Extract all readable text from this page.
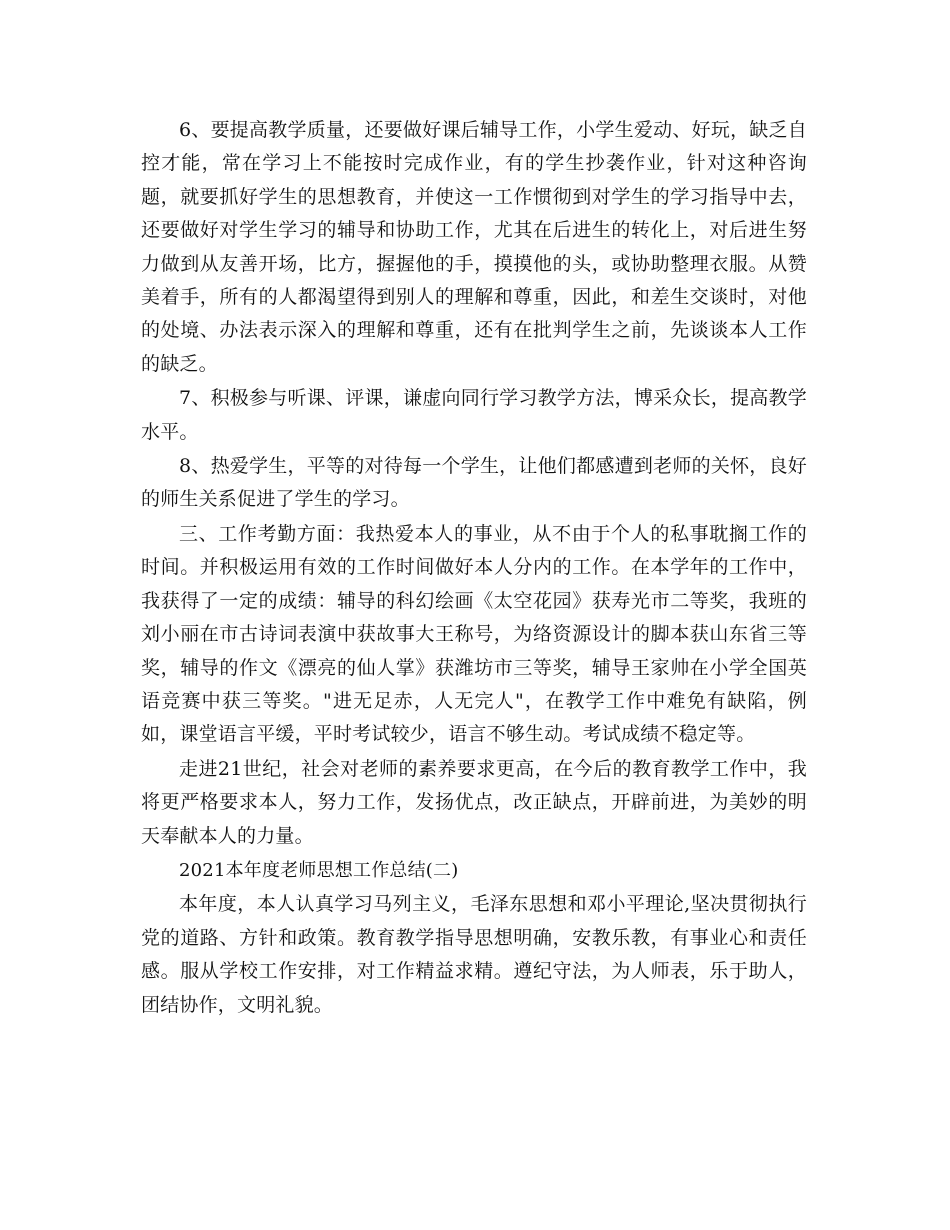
6、要提高教学质量，还要做好课后辅导工作，小学生爱动、好玩，缺乏自控才能，常在学习上不能按时完成作业，有的学生抄袭作业，针对这种咨询题，就要抓好学生的思想教育，并使这一工作惯彻到对学生的学习指导中去，还要做好对学生学习的辅导和协助工作，尤其在后进生的转化上，对后进生努力做到从友善开场，比方，握握他的手，摸摸他的头，或协助整理衣服。从赞美着手，所有的人都渴望得到别人的理解和尊重，因此，和差生交谈时，对他的处境、办法表示深入的理解和尊重，还有在批判学生之前，先谈谈本人工作的缺乏。

7、积极参与听课、评课，谦虚向同行学习教学方法，博采众长，提高教学水平。

8、热爱学生，平等的对待每一个学生，让他们都感遭到老师的关怀，良好的师生关系促进了学生的学习。

三、工作考勤方面：我热爱本人的事业，从不由于个人的私事耽搁工作的时间。并积极运用有效的工作时间做好本人分内的工作。在本学年的工作中，我获得了一定的成绩：辅导的科幻绘画《太空花园》获寿光市二等奖，我班的刘小丽在市古诗词表演中获故事大王称号，为络资源设计的脚本获山东省三等奖，辅导的作文《漂亮的仙人掌》获潍坊市三等奖，辅导王家帅在小学全国英语竞赛中获三等奖。"进无足赤，人无完人"，在教学工作中难免有缺陷，例如，课堂语言平缓，平时考试较少，语言不够生动。考试成绩不稳定等。

走进21世纪，社会对老师的素养要求更高，在今后的教育教学工作中，我将更严格要求本人，努力工作，发扬优点，改正缺点，开辟前进，为美妙的明天奉献本人的力量。

2021本年度老师思想工作总结(二)

本年度，本人认真学习马列主义，毛泽东思想和邓小平理论,坚决贯彻执行党的道路、方针和政策。教育教学指导思想明确，安教乐教，有事业心和责任感。服从学校工作安排，对工作精益求精。遵纪守法，为人师表，乐于助人，团结协作，文明礼貌。
